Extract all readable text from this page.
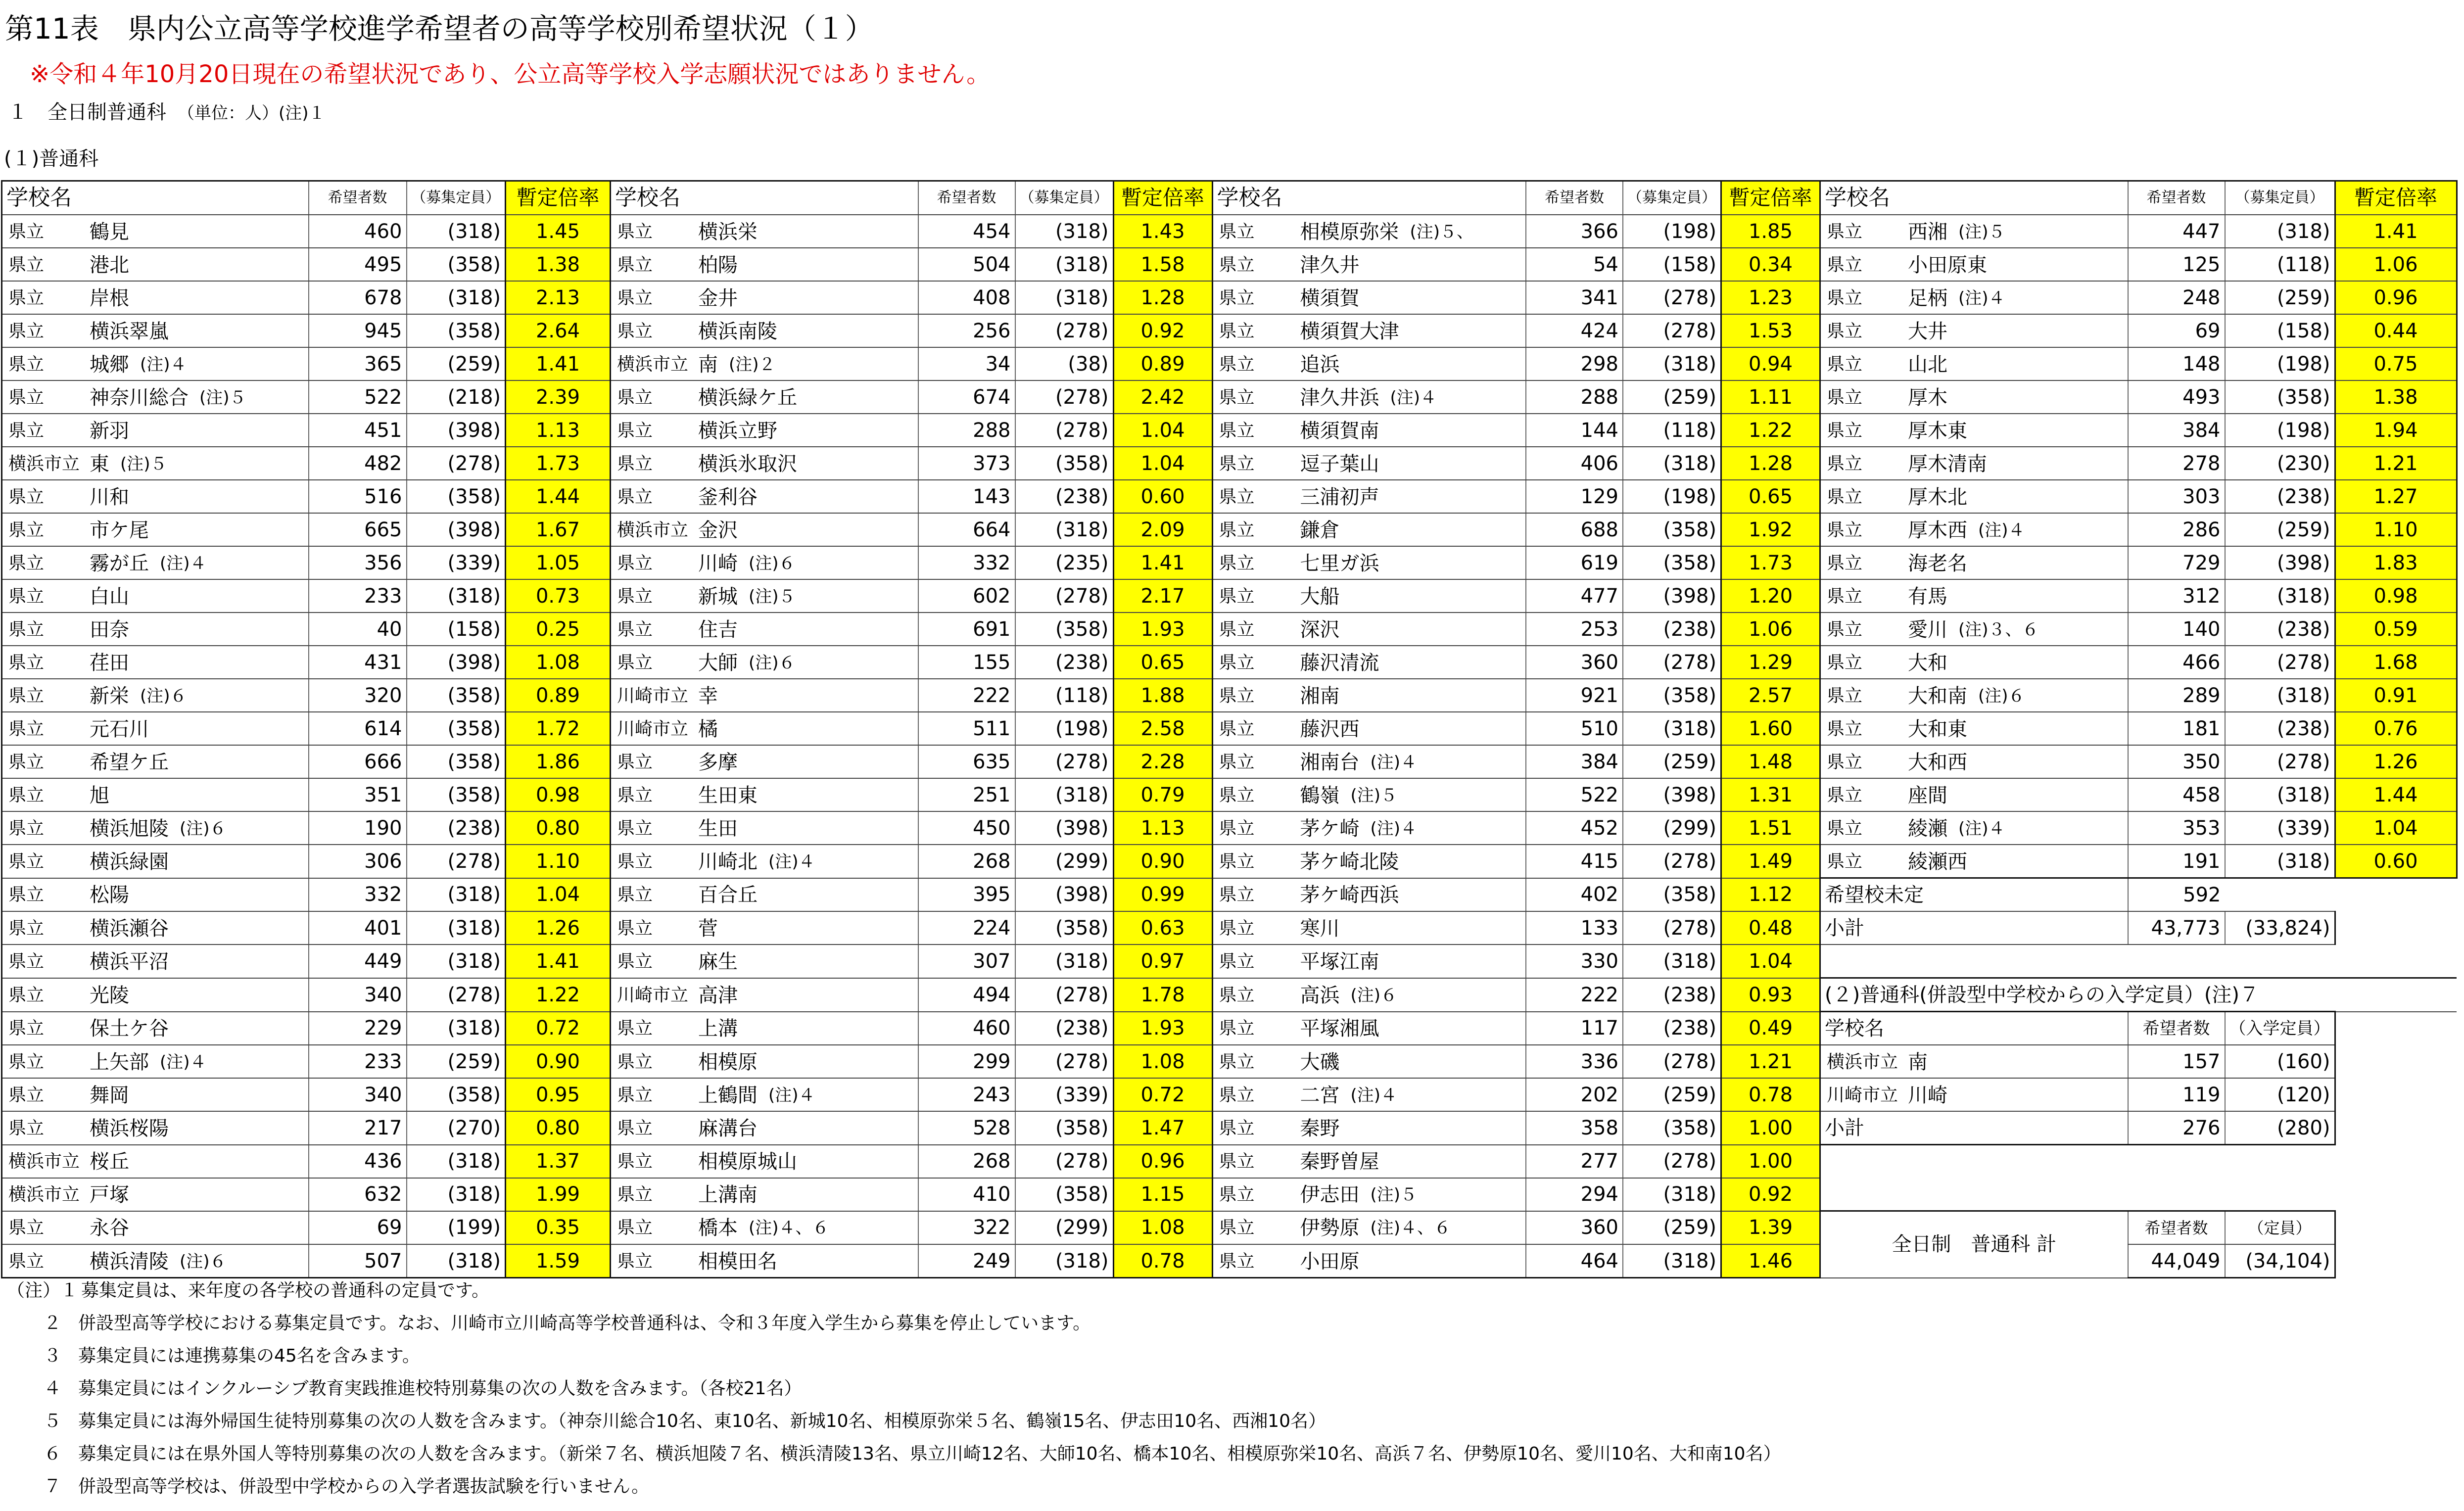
第11表　県内公立高等学校進学希望者の高等学校別希望状況（１）
※令和４年10月20日現在の希望状況であり、公立高等学校入学志願状況ではありません。
１　全日制普通科　 （単位：人）(注)１
(１)普通科
学校名	希望者数	（募集定員）	暫定倍率	学校名	希望者数	（募集定員）	暫定倍率	学校名	希望者数	（募集定員）	暫定倍率	学校名	希望者数	（募集定員）	暫定倍率
県立 鶴見	460	(318)	1.45	県立 横浜栄	454	(318)	1.43	県立 相模原弥栄 (注)５、	366	(198)	1.85	県立 西湘 (注)５	447	(318)	1.41
県立 港北	495	(358)	1.38	県立 柏陽	504	(318)	1.58	県立 津久井	54	(158)	0.34	県立 小田原東	125	(118)	1.06
県立 岸根	678	(318)	2.13	県立 金井	408	(318)	1.28	県立 横須賀	341	(278)	1.23	県立 足柄 (注)４	248	(259)	0.96
県立 横浜翠嵐	945	(358)	2.64	県立 横浜南陵	256	(278)	0.92	県立 横須賀大津	424	(278)	1.53	県立 大井	69	(158)	0.44
県立 城郷 (注)４	365	(259)	1.41	横浜市立 南 (注)２	34	(38)	0.89	県立 追浜	298	(318)	0.94	県立 山北	148	(198)	0.75
県立 神奈川総合 (注)５	522	(218)	2.39	県立 横浜緑ケ丘	674	(278)	2.42	県立 津久井浜 (注)４	288	(259)	1.11	県立 厚木	493	(358)	1.38
県立 新羽	451	(398)	1.13	県立 横浜立野	288	(278)	1.04	県立 横須賀南	144	(118)	1.22	県立 厚木東	384	(198)	1.94
横浜市立 東 (注)５	482	(278)	1.73	県立 横浜氷取沢	373	(358)	1.04	県立 逗子葉山	406	(318)	1.28	県立 厚木清南	278	(230)	1.21
県立 川和	516	(358)	1.44	県立 釜利谷	143	(238)	0.60	県立 三浦初声	129	(198)	0.65	県立 厚木北	303	(238)	1.27
県立 市ケ尾	665	(398)	1.67	横浜市立 金沢	664	(318)	2.09	県立 鎌倉	688	(358)	1.92	県立 厚木西 (注)４	286	(259)	1.10
県立 霧が丘 (注)４	356	(339)	1.05	県立 川崎 (注)６	332	(235)	1.41	県立 七里ガ浜	619	(358)	1.73	県立 海老名	729	(398)	1.83
県立 白山	233	(318)	0.73	県立 新城 (注)５	602	(278)	2.17	県立 大船	477	(398)	1.20	県立 有馬	312	(318)	0.98
県立 田奈	40	(158)	0.25	県立 住吉	691	(358)	1.93	県立 深沢	253	(238)	1.06	県立 愛川 (注)３、６	140	(238)	0.59
県立 荏田	431	(398)	1.08	県立 大師 (注)６	155	(238)	0.65	県立 藤沢清流	360	(278)	1.29	県立 大和	466	(278)	1.68
県立 新栄 (注)６	320	(358)	0.89	川崎市立 幸	222	(118)	1.88	県立 湘南	921	(358)	2.57	県立 大和南 (注)６	289	(318)	0.91
県立 元石川	614	(358)	1.72	川崎市立 橘	511	(198)	2.58	県立 藤沢西	510	(318)	1.60	県立 大和東	181	(238)	0.76
県立 希望ケ丘	666	(358)	1.86	県立 多摩	635	(278)	2.28	県立 湘南台 (注)４	384	(259)	1.48	県立 大和西	350	(278)	1.26
県立 旭	351	(358)	0.98	県立 生田東	251	(318)	0.79	県立 鶴嶺 (注)５	522	(398)	1.31	県立 座間	458	(318)	1.44
県立 横浜旭陵 (注)６	190	(238)	0.80	県立 生田	450	(398)	1.13	県立 茅ケ崎 (注)４	452	(299)	1.51	県立 綾瀬 (注)４	353	(339)	1.04
県立 横浜緑園	306	(278)	1.10	県立 川崎北 (注)４	268	(299)	0.90	県立 茅ケ崎北陵	415	(278)	1.49	県立 綾瀬西	191	(318)	0.60
県立 松陽	332	(318)	1.04	県立 百合丘	395	(398)	0.99	県立 茅ケ崎西浜	402	(358)	1.12	希望校未定	592		
県立 横浜瀬谷	401	(318)	1.26	県立 菅	224	(358)	0.63	県立 寒川	133	(278)	0.48	小計	43,773	(33,824)	
県立 横浜平沼	449	(318)	1.41	県立 麻生	307	(318)	0.97	県立 平塚江南	330	(318)	1.04				
県立 光陵	340	(278)	1.22	川崎市立 高津	494	(278)	1.78	県立 高浜 (注)６	222	(238)	0.93	(２)普通科(併設型中学校からの入学定員）(注)７			
県立 保土ケ谷	229	(318)	0.72	県立 上溝	460	(238)	1.93	県立 平塚湘風	117	(238)	0.49	学校名	希望者数	（入学定員）	
県立 上矢部 (注)４	233	(259)	0.90	県立 相模原	299	(278)	1.08	県立 大磯	336	(278)	1.21	横浜市立 南	157	(160)	
県立 舞岡	340	(358)	0.95	県立 上鶴間 (注)４	243	(339)	0.72	県立 二宮 (注)４	202	(259)	0.78	川崎市立 川崎	119	(120)	
県立 横浜桜陽	217	(270)	0.80	県立 麻溝台	528	(358)	1.47	県立 秦野	358	(358)	1.00	小計	276	(280)	
横浜市立 桜丘	436	(318)	1.37	県立 相模原城山	268	(278)	0.96	県立 秦野曽屋	277	(278)	1.00				
横浜市立 戸塚	632	(318)	1.99	県立 上溝南	410	(358)	1.15	県立 伊志田 (注)５	294	(318)	0.92				
県立 永谷	69	(199)	0.35	県立 橋本 (注)４、６	322	(299)	1.08	県立 伊勢原 (注)４、６	360	(259)	1.39	全日制　普通科 計	希望者数	（定員）	
県立 横浜清陵 (注)６	507	(318)	1.59	県立 相模田名	249	(318)	0.78	県立 小田原	464	(318)	1.46		44,049	(34,104)	
（注）１ 募集定員は、来年度の各学校の普通科の定員です。
２ 併設型高等学校における募集定員です。なお、川崎市立川崎高等学校普通科は、令和３年度入学生から募集を停止しています。
３ 募集定員には連携募集の45名を含みます。
４ 募集定員にはインクルーシブ教育実践推進校特別募集の次の人数を含みます。（各校21名）
５ 募集定員には海外帰国生徒特別募集の次の人数を含みます。（神奈川総合10名、東10名、新城10名、相模原弥栄５名、鶴嶺15名、伊志田10名、西湘10名）
６ 募集定員には在県外国人等特別募集の次の人数を含みます。（新栄７名、横浜旭陵７名、横浜清陵13名、県立川崎12名、大師10名、橋本10名、相模原弥栄10名、高浜７名、伊勢原10名、愛川10名、大和南10名）
７ 併設型高等学校は、併設型中学校からの入学者選抜試験を行いません。
